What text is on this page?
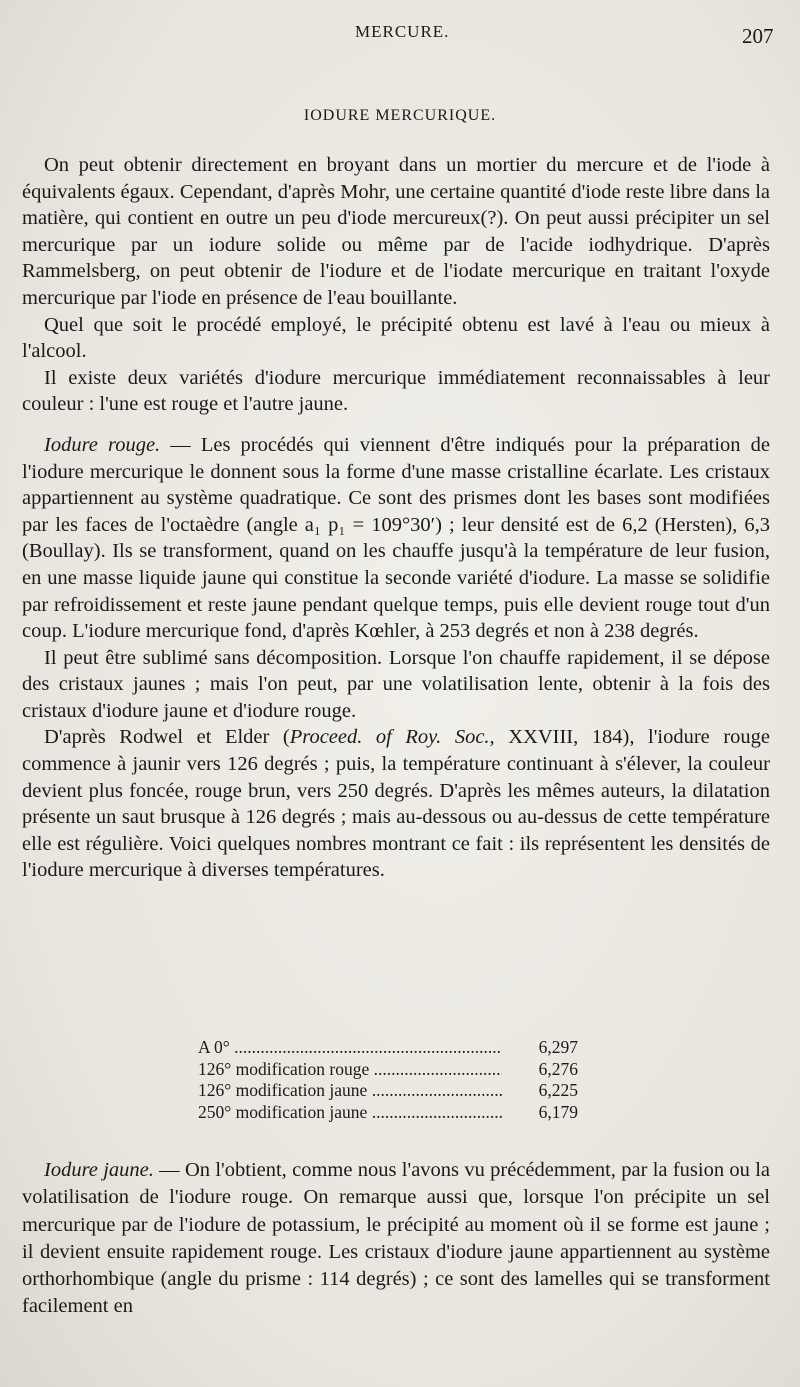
MERCURE.	207
IODURE MERCURIQUE.

On peut obtenir directement en broyant dans un mortier du mercure et de l'iode à équivalents égaux. Cependant, d'après Mohr, une certaine quantité d'iode reste libre dans la matière, qui contient en outre un peu d'iode mercureux(?). On peut aussi précipiter un sel mercurique par un iodure solide ou même par de l'acide iodhydrique. D'après Rammelsberg, on peut obtenir de l'iodure et de l'iodate mercurique en traitant l'oxyde mercurique par l'iode en présence de l'eau bouillante.

Quel que soit le procédé employé, le précipité obtenu est lavé à l'eau ou mieux à l'alcool.

Il existe deux variétés d'iodure mercurique immédiatement reconnaissables à leur couleur : l'une est rouge et l'autre jaune.

Iodure rouge. — Les procédés qui viennent d'être indiqués pour la préparation de l'iodure mercurique le donnent sous la forme d'une masse cristalline écarlate. Les cristaux appartiennent au système quadratique. Ce sont des prismes dont les bases sont modifiées par les faces de l'octaèdre (angle a₁ p₁ = 109°30′) ; leur densité est de 6,2 (Hersten), 6,3 (Boullay). Ils se transforment, quand on les chauffe jusqu'à la température de leur fusion, en une masse liquide jaune qui constitue la seconde variété d'iodure. La masse se solidifie par refroidissement et reste jaune pendant quelque temps, puis elle devient rouge tout d'un coup. L'iodure mercurique fond, d'après Kœhler, à 253 degrés et non à 238 degrés.

Il peut être sublimé sans décomposition. Lorsque l'on chauffe rapidement, il se dépose des cristaux jaunes ; mais l'on peut, par une volatilisation lente, obtenir à la fois des cristaux d'iodure jaune et d'iodure rouge.

D'après Rodwel et Elder (Proceed. of Roy. Soc., XXVIII, 184), l'iodure rouge commence à jaunir vers 126 degrés ; puis, la température continuant à s'élever, la couleur devient plus foncée, rouge brun, vers 250 degrés. D'après les mêmes auteurs, la dilatation présente un saut brusque à 126 degrés ; mais au-dessous ou au-dessus de cette température elle est régulière. Voici quelques nombres montrant ce fait : ils représentent les densités de l'iodure mercurique à diverses températures.

A 0° .....	6,297
126° modification rouge .....	6,276
126° modification jaune .....	6,225
250° modification jaune .....	6,179

Iodure jaune. — On l'obtient, comme nous l'avons vu précédemment, par la fusion ou la volatilisation de l'iodure rouge. On remarque aussi que, lorsque l'on précipite un sel mercurique par de l'iodure de potassium, le précipité au moment où il se forme est jaune ; il devient ensuite rapidement rouge. Les cristaux d'iodure jaune appartiennent au système orthorhombique (angle du prisme : 114 degrés) ; ce sont des lamelles qui se transforment facilement en
